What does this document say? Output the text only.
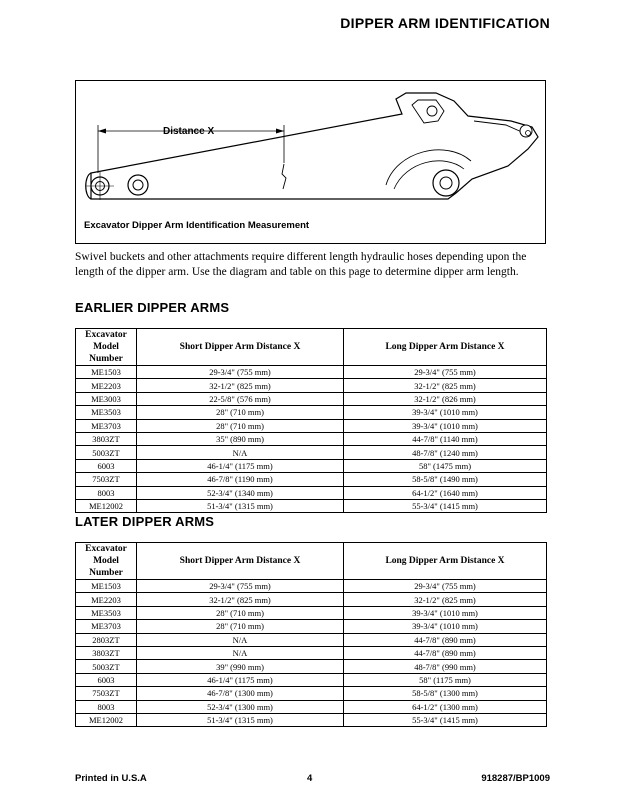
DIPPER ARM IDENTIFICATION
Distance X
Excavator Dipper Arm Identification Measurement

Swivel buckets and other attachments require different length hydraulic hoses depending upon the length of the dipper arm. Use the diagram and table on this page to determine dipper arm length.

EARLIER DIPPER ARMS
Excavator Model Number	Short Dipper Arm Distance X	Long Dipper Arm Distance X
ME1503	29-3/4" (755 mm)	29-3/4" (755 mm)
ME2203	32-1/2" (825 mm)	32-1/2" (825 mm)
ME3003	22-5/8" (576 mm)	32-1/2" (826 mm)
ME3503	28" (710 mm)	39-3/4" (1010 mm)
ME3703	28" (710 mm)	39-3/4" (1010 mm)
3803ZT	35" (890 mm)	44-7/8" (1140 mm)
5003ZT	N/A	48-7/8" (1240 mm)
6003	46-1/4" (1175 mm)	58" (1475 mm)
7503ZT	46-7/8" (1190 mm)	58-5/8" (1490 mm)
8003	52-3/4" (1340 mm)	64-1/2" (1640 mm)
ME12002	51-3/4" (1315 mm)	55-3/4" (1415 mm)
LATER DIPPER ARMS
Excavator Model Number	Short Dipper Arm Distance X	Long Dipper Arm Distance X
ME1503	29-3/4" (755 mm)	29-3/4" (755 mm)
ME2203	32-1/2" (825 mm)	32-1/2" (825 mm)
ME3503	28" (710 mm)	39-3/4" (1010 mm)
ME3703	28" (710 mm)	39-3/4" (1010 mm)
2803ZT	N/A	44-7/8" (890 mm)
3803ZT	N/A	44-7/8" (890 mm)
5003ZT	39" (990 mm)	48-7/8" (990 mm)
6003	46-1/4" (1175 mm)	58" (1175 mm)
7503ZT	46-7/8" (1300 mm)	58-5/8" (1300 mm)
8003	52-3/4" (1300 mm)	64-1/2" (1300 mm)
ME12002	51-3/4" (1315 mm)	55-3/4" (1415 mm)
Printed in U.S.A	4	918287/BP1009
